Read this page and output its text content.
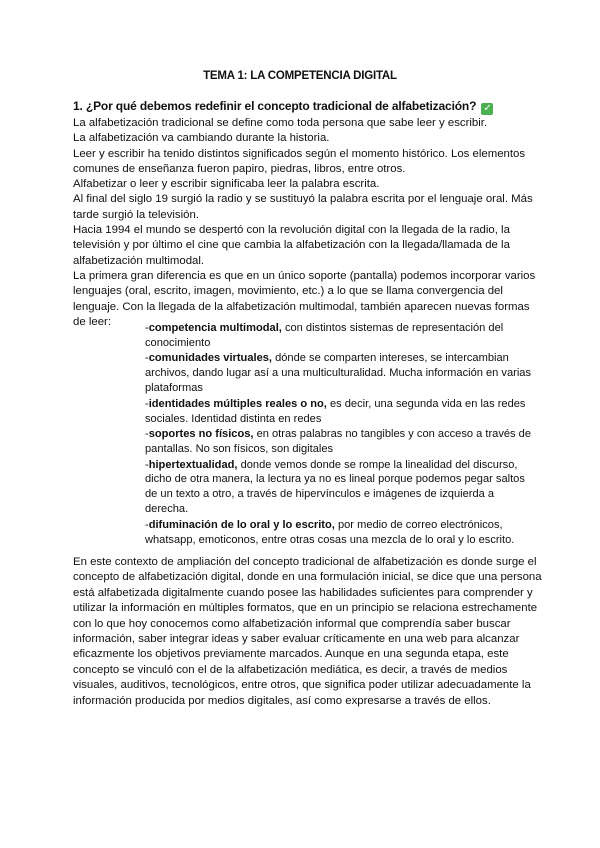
TEMA 1: LA COMPETENCIA DIGITAL
1. ¿Por qué debemos redefinir el concepto tradicional de alfabetización? ✓

La alfabetización tradicional se define como toda persona que sabe leer y escribir.

La alfabetización va cambiando durante la historia.

Leer y escribir ha tenido distintos significados según el momento histórico. Los elementos comunes de enseñanza fueron papiro, piedras, libros, entre otros.

Alfabetizar o leer y escribir significaba leer la palabra escrita.

Al final del siglo 19 surgió la radio y se sustituyó la palabra escrita por el lenguaje oral. Más tarde surgió la televisión.

Hacia 1994 el mundo se despertó con la revolución digital con la llegada de la radio, la televisión y por último el cine que cambia la alfabetización con la llegada/llamada de la alfabetización multimodal.

La primera gran diferencia es que en un único soporte (pantalla) podemos incorporar varios lenguajes (oral, escrito, imagen, movimiento, etc.) a lo que se llama convergencia del lenguaje. Con la llegada de la alfabetización multimodal, también aparecen nuevas formas de leer:

-competencia multimodal, con distintos sistemas de representación del conocimiento
-comunidades virtuales, dónde se comparten intereses, se intercambian archivos, dando lugar así a una multiculturalidad. Mucha información en varias plataformas
-identidades múltiples reales o no, es decir, una segunda vida en las redes sociales. Identidad distinta en redes
-soportes no físicos, en otras palabras no tangibles y con acceso a través de pantallas. No son físicos, son digitales
-hipertextualidad, donde vemos donde se rompe la linealidad del discurso, dicho de otra manera, la lectura ya no es lineal porque podemos pegar saltos de un texto a otro, a través de hipervínculos e imágenes de izquierda a derecha.
-difuminación de lo oral y lo escrito, por medio de correo electrónicos, whatsapp, emoticonos, entre otras cosas una mezcla de lo oral y lo escrito.

En este contexto de ampliación del concepto tradicional de alfabetización es donde surge el concepto de alfabetización digital, donde en una formulación inicial, se dice que una persona está alfabetizada digitalmente cuando posee las habilidades suficientes para comprender y utilizar la información en múltiples formatos, que en un principio se relaciona estrechamente con lo que hoy conocemos como alfabetización informal que comprendía saber buscar información, saber integrar ideas y saber evaluar críticamente en una web para alcanzar eficazmente los objetivos previamente marcados. Aunque en una segunda etapa, este concepto se vinculó con el de la alfabetización mediática, es decir, a través de medios visuales, auditivos, tecnológicos, entre otros, que significa poder utilizar adecuadamente la información producida por medios digitales, así como expresarse a través de ellos.
